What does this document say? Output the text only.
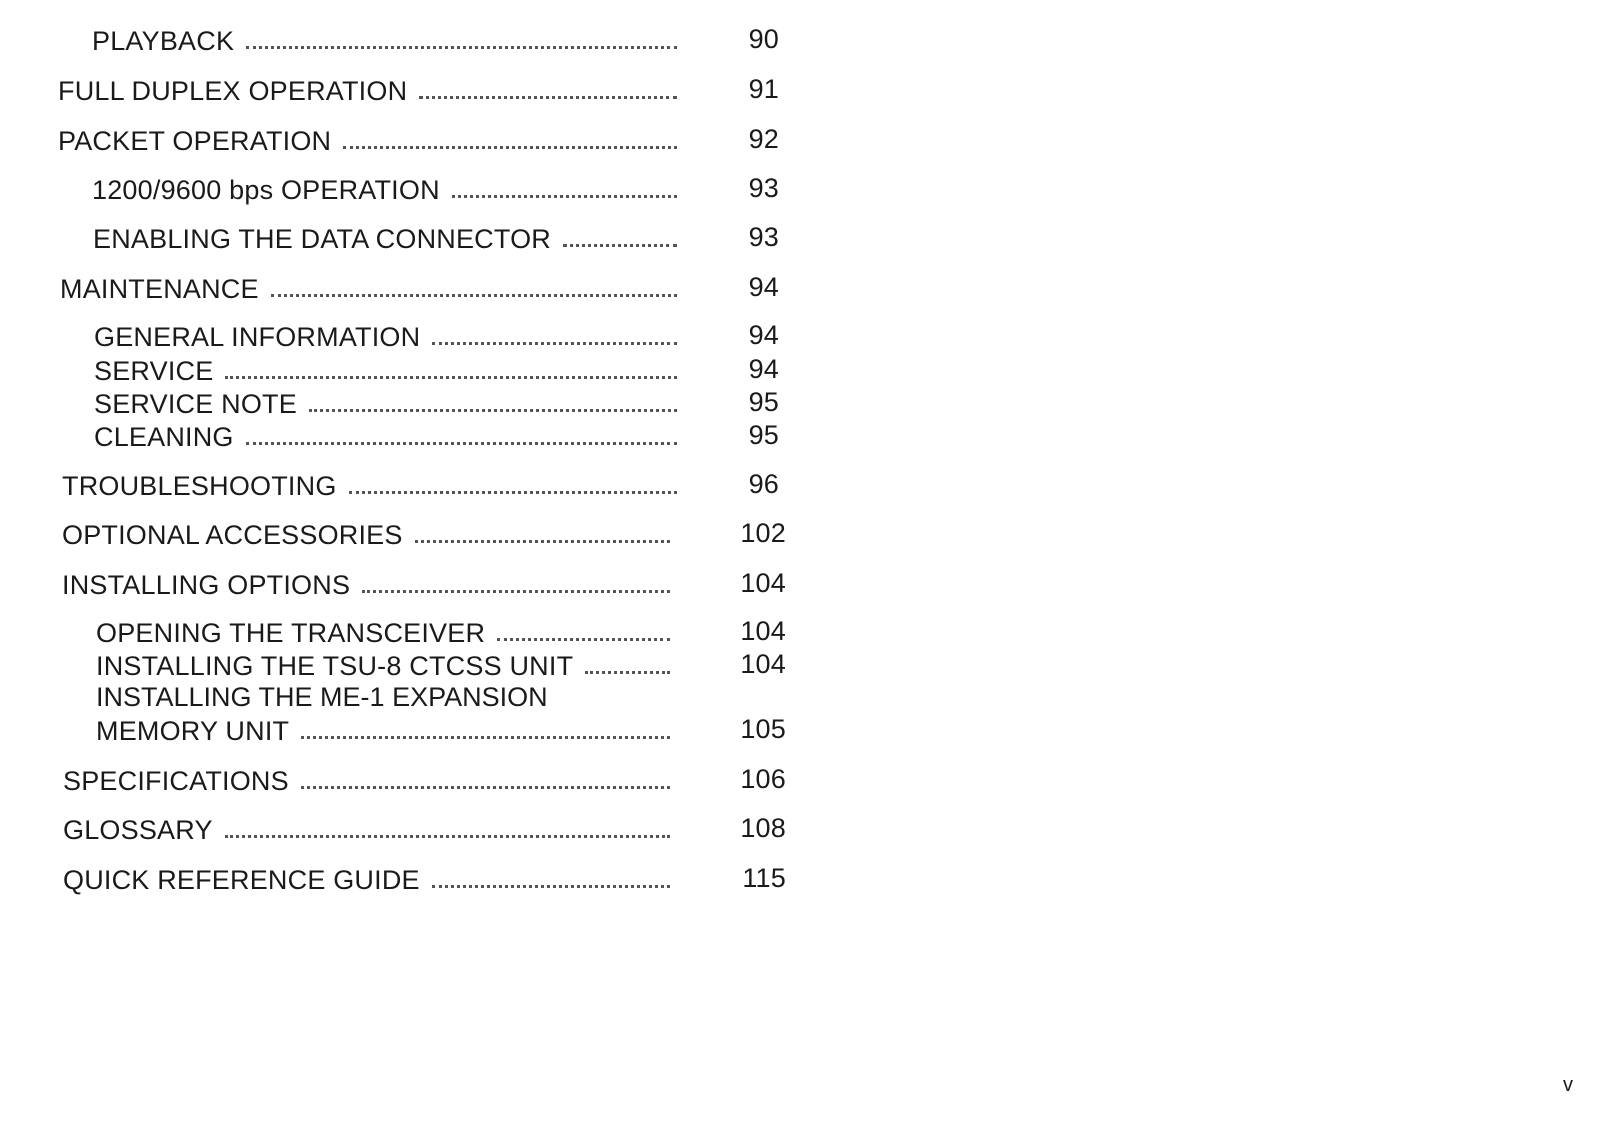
PLAYBACK	90
FULL DUPLEX OPERATION	91
PACKET OPERATION	92
1200/9600 bps OPERATION	93
ENABLING THE DATA CONNECTOR	93
MAINTENANCE	94
GENERAL INFORMATION	94
SERVICE	94
SERVICE NOTE	95
CLEANING	95
TROUBLESHOOTING	96
OPTIONAL ACCESSORIES	102
INSTALLING OPTIONS	104
OPENING THE TRANSCEIVER	104
INSTALLING THE TSU-8 CTCSS UNIT	104
INSTALLING THE ME-1 EXPANSION
MEMORY UNIT	105
SPECIFICATIONS	106
GLOSSARY	108
QUICK REFERENCE GUIDE	115
v
